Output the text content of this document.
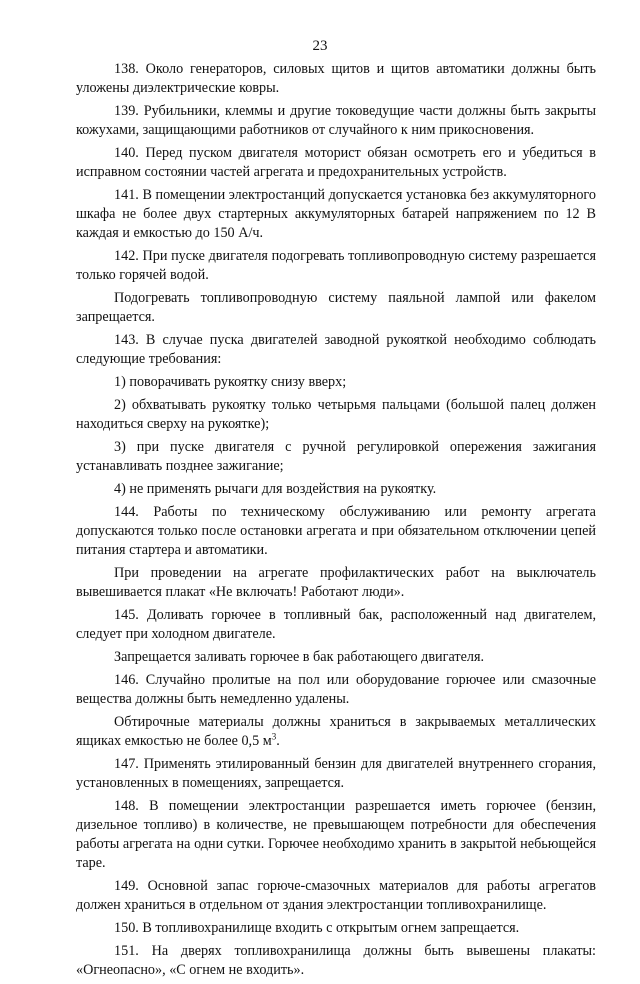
23

138. Около генераторов, силовых щитов и щитов автоматики должны быть уложены диэлектрические ковры.

139. Рубильники, клеммы и другие токоведущие части должны быть закрыты кожухами, защищающими работников от случайного к ним прикосновения.

140. Перед пуском двигателя моторист обязан осмотреть его и убедиться в исправном состоянии частей агрегата и предохранительных устройств.

141. В помещении электростанций допускается установка без аккумуляторного шкафа не более двух стартерных аккумуляторных батарей напряжением по 12 В каждая и емкостью до 150 А/ч.

142. При пуске двигателя подогревать топливопроводную систему разрешается только горячей водой.

Подогревать топливопроводную систему паяльной лампой или факелом запрещается.

143. В случае пуска двигателей заводной рукояткой необходимо соблюдать следующие требования:

1) поворачивать рукоятку снизу вверх;

2) обхватывать рукоятку только четырьмя пальцами (большой палец должен находиться сверху на рукоятке);

3) при пуске двигателя с ручной регулировкой опережения зажигания устанавливать позднее зажигание;

4) не применять рычаги для воздействия на рукоятку.

144. Работы по техническому обслуживанию или ремонту агрегата допускаются только после остановки агрегата и при обязательном отключении цепей питания стартера и автоматики.

При проведении на агрегате профилактических работ на выключатель вывешивается плакат «Не включать! Работают люди».

145. Доливать горючее в топливный бак, расположенный над двигателем, следует при холодном двигателе.

Запрещается заливать горючее в бак работающего двигателя.

146. Случайно пролитые на пол или оборудование горючее или смазочные вещества должны быть немедленно удалены.

Обтирочные материалы должны храниться в закрываемых металлических ящиках емкостью не более 0,5 $м^3$.

147. Применять этилированный бензин для двигателей внутреннего сгорания, установленных в помещениях, запрещается.

148. В помещении электростанции разрешается иметь горючее (бензин, дизельное топливо) в количестве, не превышающем потребности для обеспечения работы агрегата на одни сутки. Горючее необходимо хранить в закрытой небьющейся таре.

149. Основной запас горюче-смазочных материалов для работы агрегатов должен храниться в отдельном от здания электростанции топливохранилище.

150. В топливохранилище входить с открытым огнем запрещается.

151. На дверях топливохранилища должны быть вывешены плакаты: «Огнеопасно», «С огнем не входить».
